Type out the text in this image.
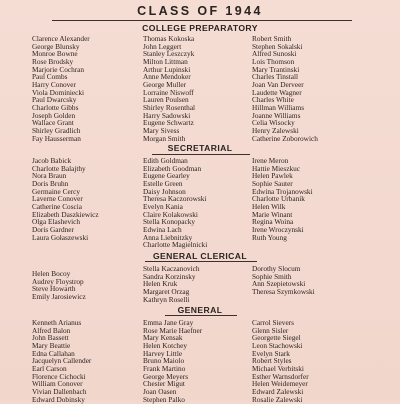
CLASS OF 1944
COLLEGE PREPARATORY
Clarence Alexander
George Blunsky
Monroe Bowne
Rose Brodsky
Marjorie Cochran
Paul Combs
Harry Conover
Viola Dominiecki
Paul Dwarcsky
Charlotte Gibbs
Joseph Golden
Wallace Grant
Shirley Gradlich
Fay Hausserman
Thomas Kokoska
John Leggert
Stanley Leszczyk
Milton Littman
Arthur Lupinski
Anne Mendoker
George Muller
Lorraine Niswoff
Lauren Poulsen
Shirley Rosenthal
Harry Sadowski
Eugene Schwartz
Mary Sivess
Morgan Smith
Robert Smith
Stephen Sokalski
Alfred Sunoski
Lois Thomson
Mary Trantinski
Charles Tinstall
Joan Van Derveer
Laudette Wagner
Charles White
Hillman Williams
Joanne Williams
Celia Wisocky
Henry Zalewski
Catherine Zoborowich
SECRETARIAL
Jacob Babick
Charlotte Balajthy
Nora Braun
Doris Bruhn
Germaine Cercy
Laverne Conover
Catherine Coscia
Elizabeth Daszkiewicz
Olga Elashevich
Doris Gardner
Laura Gołaszewski
Edith Goldman
Elizabeth Goodman
Eugene Gearley
Estelle Green
Daisy Johnson
Theresa Kaczorowski
Evelyn Kania
Claire Kolakowski
Stella Konopacky
Edwina Lach
Anna Liebnitzky
Charlotte Magielnicki
Irene Meron
Hattie Mieszkuc
Helen Pawlek
Sophie Sauter
Edwina Trojanowski
Charlotte Urbanik
Helen Wilk
Marie Winant
Regina Woina
Irene Wroczynski
Ruth Young
GENERAL CLERICAL
Helen Bocoy
Audrey Floystrop
Steve Howarth
Emily Jarosiewicz
Stella Kaczanovich
Sandra Korzinsky
Helen Kruk
Margaret Orzag
Kathryn Roselli
Dorothy Slocum
Sophie Smith
Ann Szepietowski
Theresa Szymkowski
GENERAL
Kenneth Arianus
Alfred Balon
John Bassett
Mary Beattie
Edna Callahan
Jacquelyn Callender
Earl Carson
Florence Cichocki
William Conover
Vivian Dallenbach
Edward Dobinsky
Emma Jane Gray
Rose Marie Haefner
Mary Kensak
Helen Kotchey
Harvey Little
Bruno Maiolo
Frank Martino
George Meyers
Chester Migut
Joan Oasen
Stephen Palko
Carrol Sievers
Glenn Sisler
Georgette Siegel
Leon Stachowski
Evelyn Stark
Robert Styles
Michael Verbitski
Esther Warnsdorfer
Helen Weidemeyer
Edward Zalewski
Rosalie Zalewski
